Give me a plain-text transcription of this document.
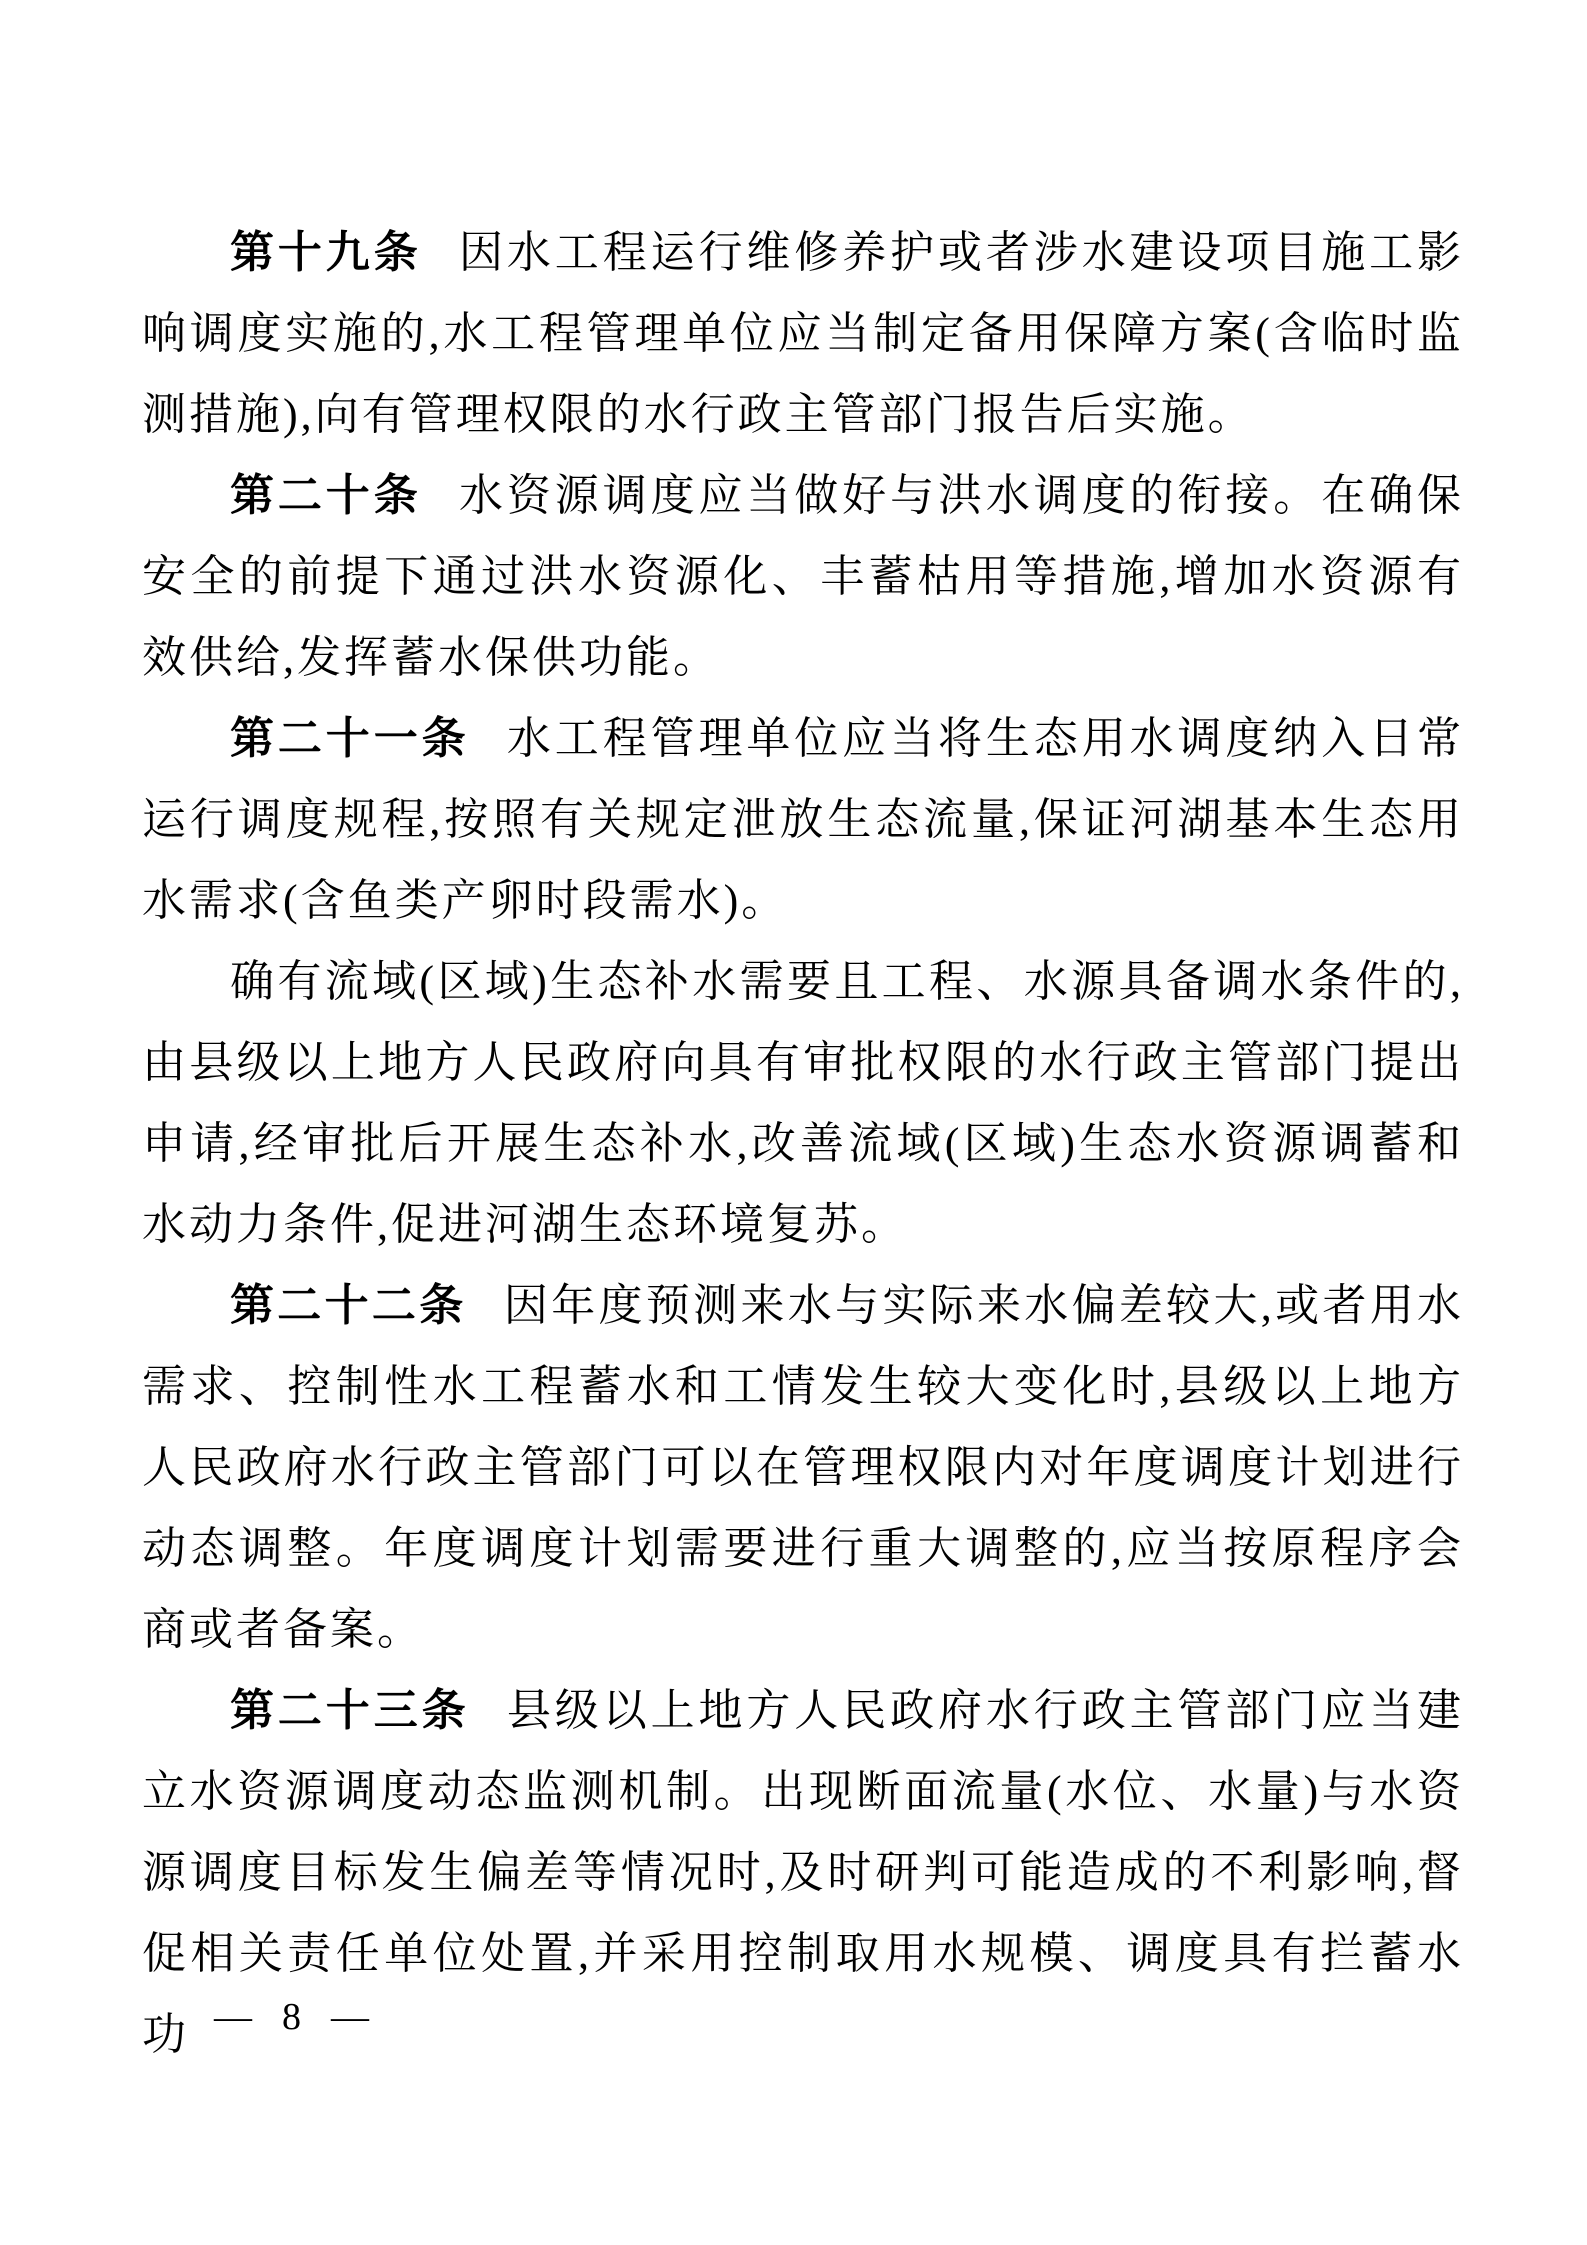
第十九条 因水工程运行维修养护或者涉水建设项目施工影响调度实施的,水工程管理单位应当制定备用保障方案(含临时监测措施),向有管理权限的水行政主管部门报告后实施。

第二十条 水资源调度应当做好与洪水调度的衔接。在确保安全的前提下通过洪水资源化、丰蓄枯用等措施,增加水资源有效供给,发挥蓄水保供功能。

第二十一条 水工程管理单位应当将生态用水调度纳入日常运行调度规程,按照有关规定泄放生态流量,保证河湖基本生态用水需求(含鱼类产卵时段需水)。

确有流域(区域)生态补水需要且工程、水源具备调水条件的,由县级以上地方人民政府向具有审批权限的水行政主管部门提出申请,经审批后开展生态补水,改善流域(区域)生态水资源调蓄和水动力条件,促进河湖生态环境复苏。

第二十二条 因年度预测来水与实际来水偏差较大,或者用水需求、控制性水工程蓄水和工情发生较大变化时,县级以上地方人民政府水行政主管部门可以在管理权限内对年度调度计划进行动态调整。年度调度计划需要进行重大调整的,应当按原程序会商或者备案。

第二十三条 县级以上地方人民政府水行政主管部门应当建立水资源调度动态监测机制。出现断面流量(水位、水量)与水资源调度目标发生偏差等情况时,及时研判可能造成的不利影响,督促相关责任单位处置,并采用控制取用水规模、调度具有拦蓄水功 — 8 —
